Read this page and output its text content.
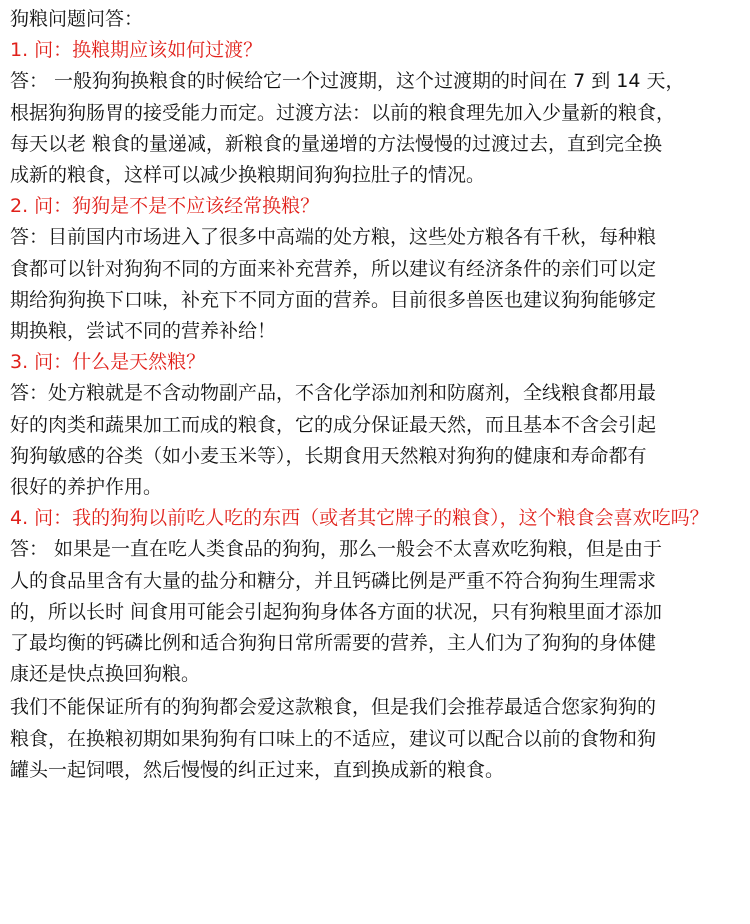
狗粮问题问答：
1. 问：换粮期应该如何过渡？
答： 一般狗狗换粮食的时候给它一个过渡期，这个过渡期的时间在 7 到 14 天，
根据狗狗肠胃的接受能力而定。过渡方法：以前的粮食理先加入少量新的粮食，
每天以老 粮食的量递减，新粮食的量递增的方法慢慢的过渡过去，直到完全换
成新的粮食，这样可以减少换粮期间狗狗拉肚子的情况。
2. 问：狗狗是不是不应该经常换粮？
答：目前国内市场进入了很多中高端的处方粮，这些处方粮各有千秋，每种粮
食都可以针对狗狗不同的方面来补充营养，所以建议有经济条件的亲们可以定
期给狗狗换下口味，补充下不同方面的营养。目前很多兽医也建议狗狗能够定
期换粮，尝试不同的营养补给！
3. 问：什么是天然粮？
答：处方粮就是不含动物副产品，不含化学添加剂和防腐剂，全线粮食都用最
好的肉类和蔬果加工而成的粮食，它的成分保证最天然，而且基本不含会引起
狗狗敏感的谷类（如小麦玉米等），长期食用天然粮对狗狗的健康和寿命都有
很好的养护作用。
4. 问：我的狗狗以前吃人吃的东西（或者其它牌子的粮食），这个粮食会喜欢吃吗？
答： 如果是一直在吃人类食品的狗狗，那么一般会不太喜欢吃狗粮，但是由于
人的食品里含有大量的盐分和糖分，并且钙磷比例是严重不符合狗狗生理需求
的，所以长时 间食用可能会引起狗狗身体各方面的状况，只有狗粮里面才添加
了最均衡的钙磷比例和适合狗狗日常所需要的营养，主人们为了狗狗的身体健
康还是快点换回狗粮。
我们不能保证所有的狗狗都会爱这款粮食，但是我们会推荐最适合您家狗狗的
粮食，在换粮初期如果狗狗有口味上的不适应，建议可以配合以前的食物和狗
罐头一起饲喂，然后慢慢的纠正过来，直到换成新的粮食。
